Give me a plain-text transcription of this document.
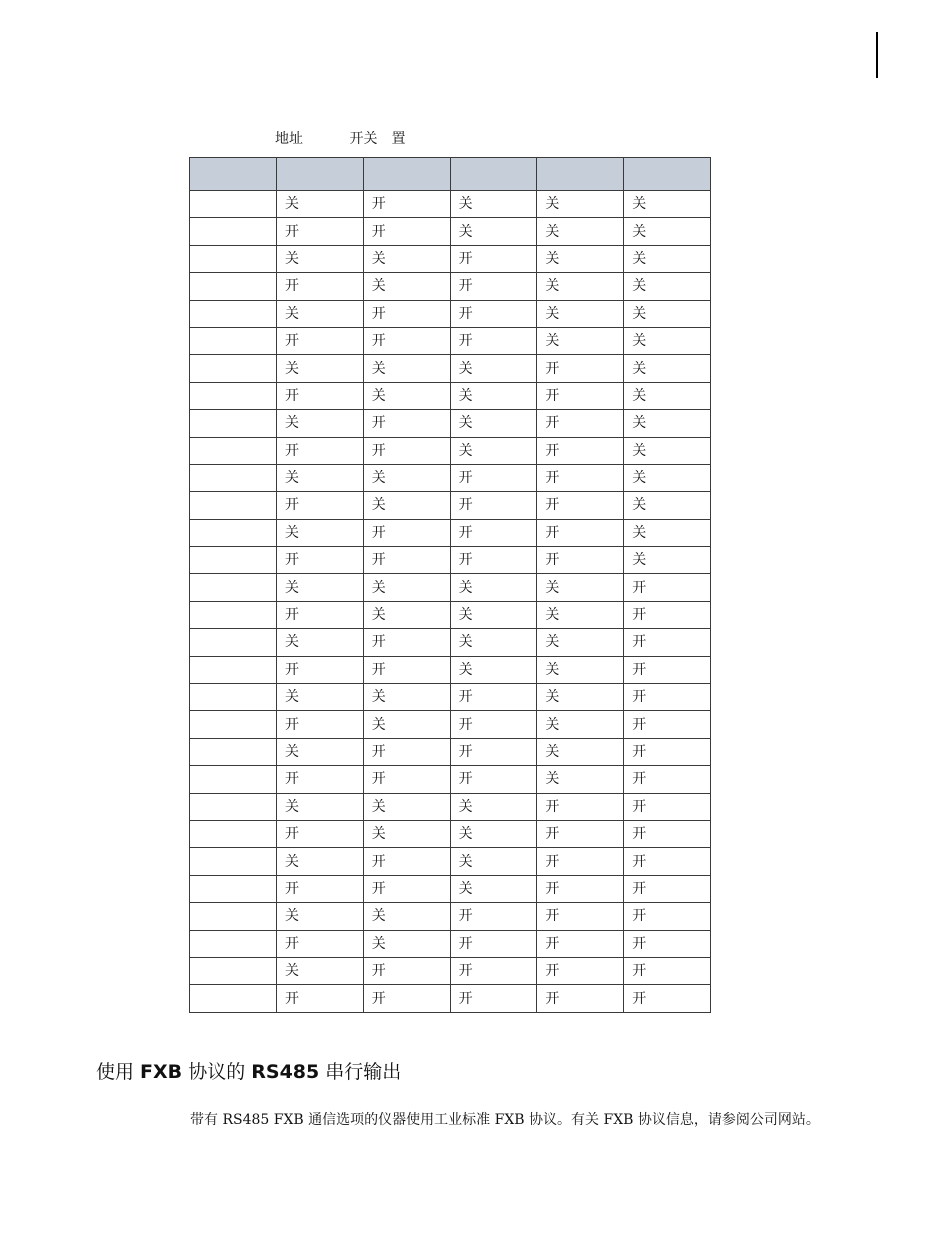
地址	开关　置

	关	开	关	关	关
	开	开	关	关	关
	关	关	开	关	关
	开	关	开	关	关
	关	开	开	关	关
	开	开	开	关	关
	关	关	关	开	关
	开	关	关	开	关
	关	开	关	开	关
	开	开	关	开	关
	关	关	开	开	关
	开	关	开	开	关
	关	开	开	开	关
	开	开	开	开	关
	关	关	关	关	开
	开	关	关	关	开
	关	开	关	关	开
	开	开	关	关	开
	关	关	开	关	开
	开	关	开	关	开
	关	开	开	关	开
	开	开	开	关	开
	关	关	关	开	开
	开	关	关	开	开
	关	开	关	开	开
	开	开	关	开	开
	关	关	开	开	开
	开	关	开	开	开
	关	开	开	开	开
	开	开	开	开	开
使用 FXB 协议的 RS485 串行输出

带有 RS485 FXB 通信选项的仪器使用工业标准 FXB 协议。有关 FXB 协议信息，请参阅公司网站。
